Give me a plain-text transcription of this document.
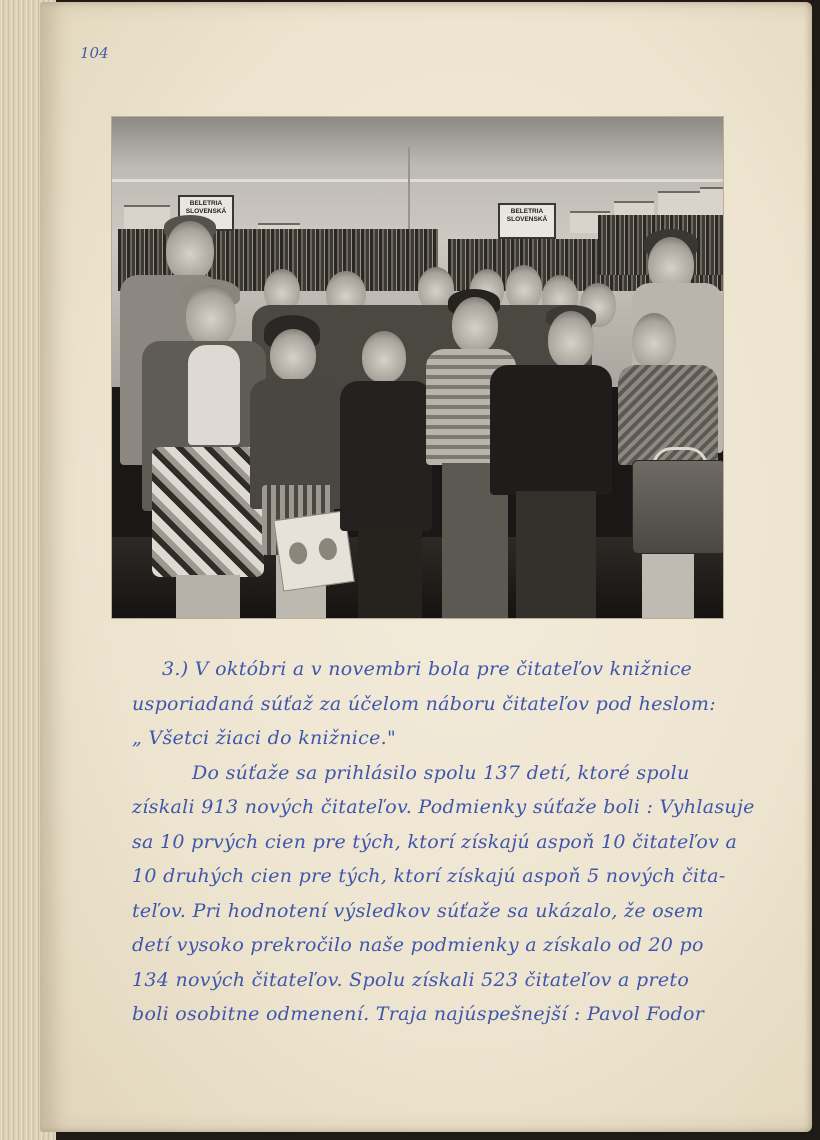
104
BELETRIA SLOVENSKÁ	BELETRIA SLOVENSKÁ
3.) V októbri a v novembri bola pre čitateľov knižnice
usporiadaná súťaž za účelom náboru čitateľov pod heslom:
„ Všetci žiaci do knižnice."
Do súťaže sa prihlásilo spolu 137 detí, ktoré spolu
získali 913 nových čitateľov. Podmienky súťaže boli : Vyhlasuje
sa 10 prvých cien pre tých, ktorí získajú aspoň 10 čitateľov a
10 druhých cien pre tých, ktorí získajú aspoň 5 nových čita-
teľov. Pri hodnotení výsledkov súťaže sa ukázalo, že osem
detí vysoko prekročilo naše podmienky a získalo od 20 po
134 nových čitateľov. Spolu získali 523 čitateľov a preto
boli osobitne odmenení. Traja najúspešnejší : Pavol Fodor
